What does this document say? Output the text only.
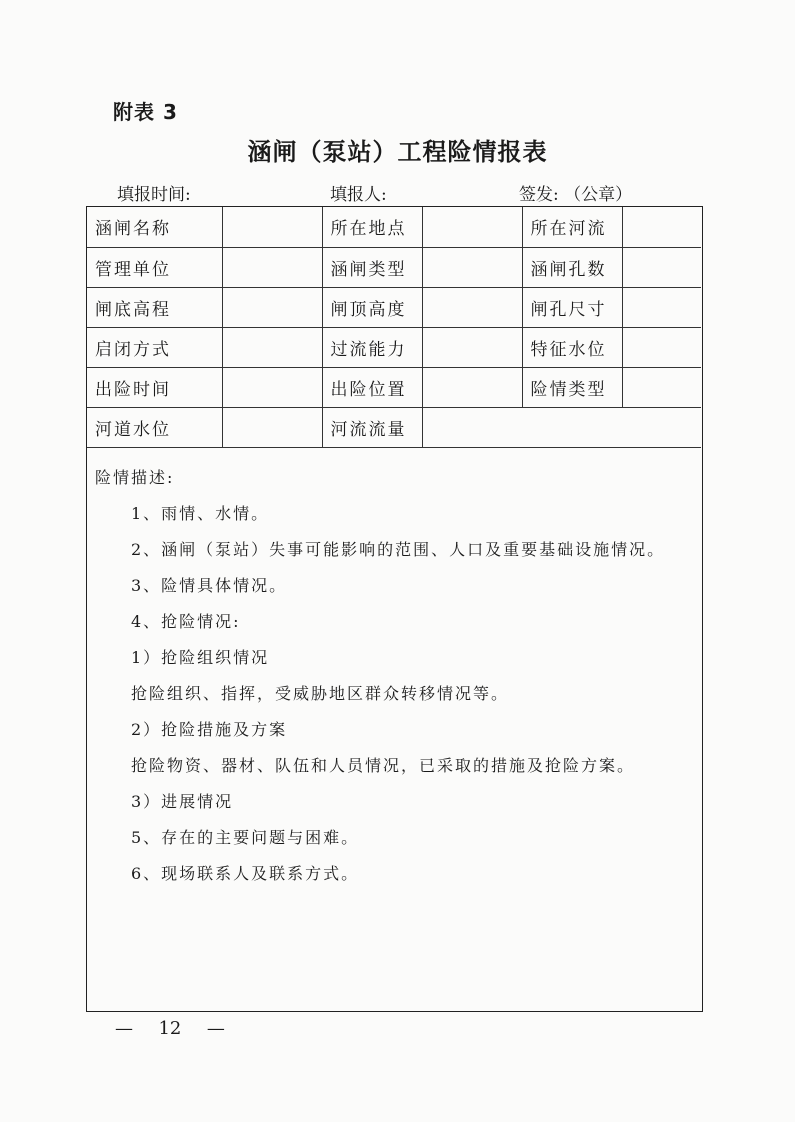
附表 3
涵闸（泵站）工程险情报表
填报时间:	填报人:	签发: （公章）
涵闸名称		所在地点		所在河流	
管理单位		涵闸类型		涵闸孔数	
闸底高程		闸顶高度		闸孔尺寸	
启闭方式		过流能力		特征水位	
出险时间		出险位置		险情类型	
河道水位		河流流量			
险情描述:
1、雨情、水情。
2、涵闸（泵站）失事可能影响的范围、人口及重要基础设施情况。
3、险情具体情况。
4、抢险情况:
1）抢险组织情况
抢险组织、指挥，受威胁地区群众转移情况等。
2）抢险措施及方案
抢险物资、器材、队伍和人员情况，已采取的措施及抢险方案。
3）进展情况
5、存在的主要问题与困难。
6、现场联系人及联系方式。
— 12 —
